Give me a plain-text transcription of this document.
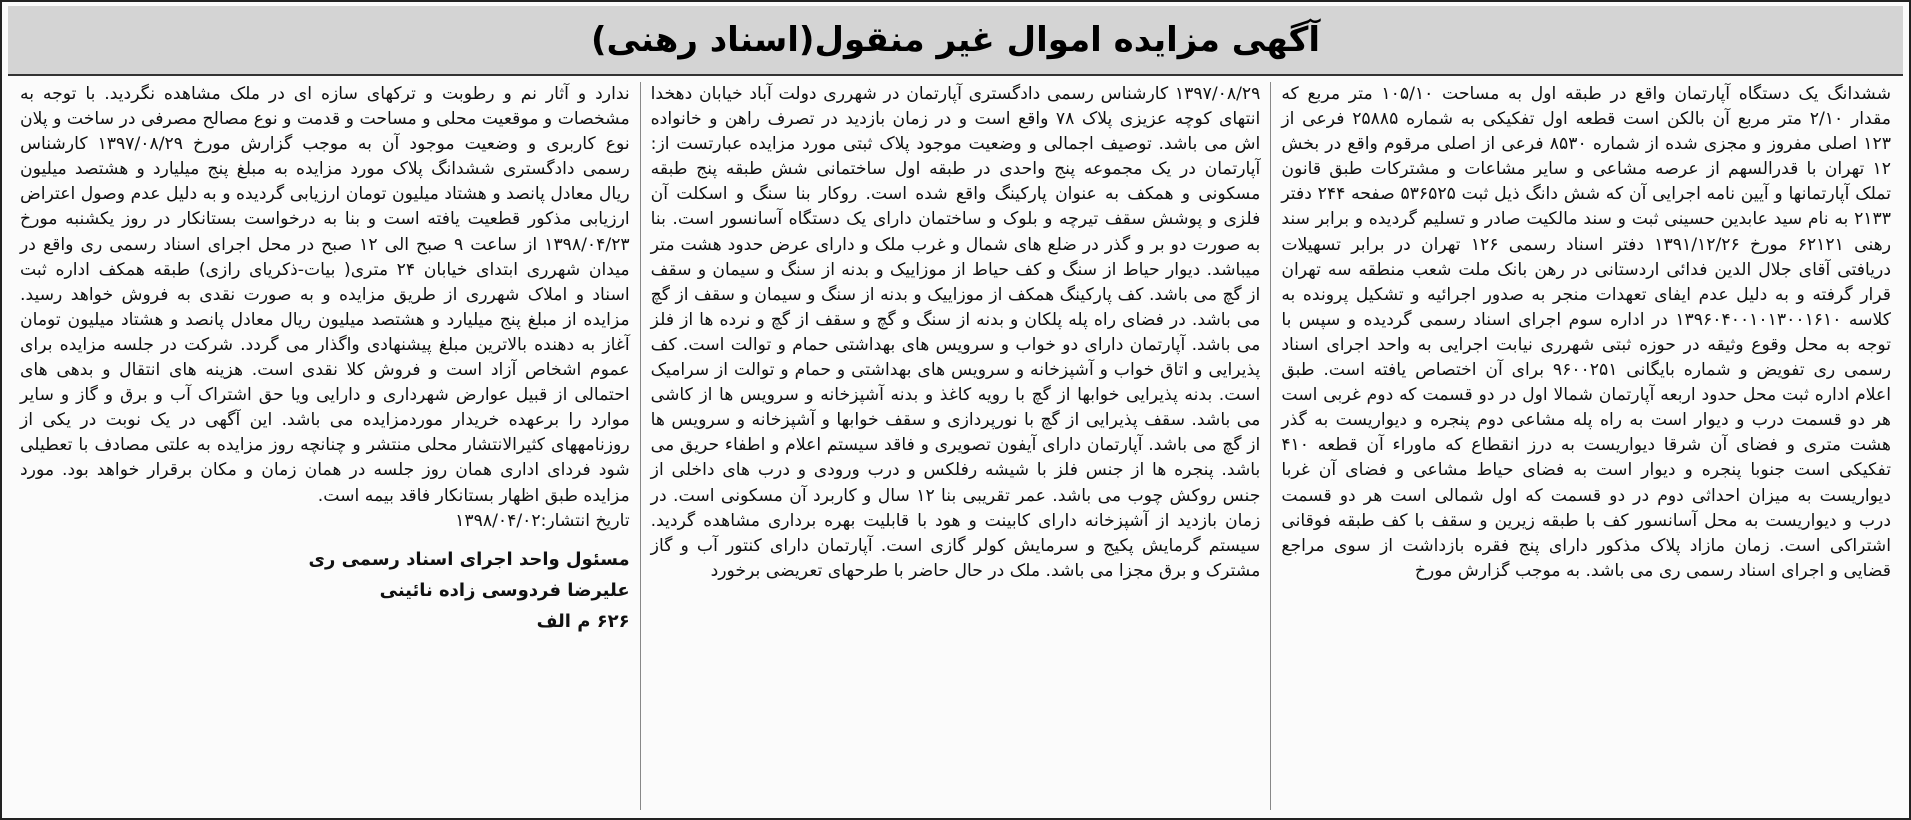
آگهی مزایده اموال غیر منقول(اسناد رهنی)

ششدانگ یک دستگاه آپارتمان واقع در طبقه اول به مساحت ۱۰۵/۱۰ متر مربع که مقدار ۲/۱۰ متر مربع آن بالکن است قطعه اول تفکیکی به شماره ۲۵۸۸۵ فرعی از ۱۲۳ اصلی مفروز و مجزی شده از شماره ۸۵۳۰ فرعی از اصلی مرقوم واقع در بخش ۱۲ تهران با قدرالسهم از عرصه مشاعی و سایر مشاعات و مشترکات طبق قانون تملک آپارتمانها و آیین نامه اجرایی آن که شش دانگ ذیل ثبت ۵۳۶۵۲۵ صفحه ۲۴۴ دفتر ۲۱۳۳ به نام سید عابدین حسینی ثبت و سند مالکیت صادر و تسلیم گردیده و برابر سند رهنی ۶۲۱۲۱ مورخ ۱۳۹۱/۱۲/۲۶ دفتر اسناد رسمی ۱۲۶ تهران در برابر تسهیلات دریافتی آقای جلال الدین فدائی اردستانی در رهن بانک ملت شعب منطقه سه تهران قرار گرفته و به دلیل عدم ایفای تعهدات منجر به صدور اجرائیه و تشکیل پرونده به کلاسه ۱۳۹۶۰۴۰۰۱۰۱۳۰۰۱۶۱۰ در اداره سوم اجرای اسناد رسمی گردیده و سپس با توجه به محل وقوع وثیقه در حوزه ثبتی شهرری نیابت اجرایی به واحد اجرای اسناد رسمی ری تفویض و شماره بایگانی ۹۶۰۰۲۵۱ برای آن اختصاص یافته است. طبق اعلام اداره ثبت محل حدود اربعه آپارتمان شمالا اول در دو قسمت که دوم غربی است هر دو قسمت درب و دیوار است به راه پله مشاعی دوم پنجره و دیواریست به گذر هشت متری و فضای آن شرقا دیواریست به درز انقطاع که ماوراء آن قطعه ۴۱۰ تفکیکی است جنوبا پنجره و دیوار است به فضای حیاط مشاعی و فضای آن غربا دیواریست به میزان احداثی دوم در دو قسمت که اول شمالی است هر دو قسمت درب و دیواریست به محل آسانسور کف با طبقه زیرین و سقف با کف طبقه فوقانی اشتراکی است. زمان مازاد پلاک مذکور دارای پنج فقره بازداشت از سوی مراجع قضایی و اجرای اسناد رسمی ری می باشد. به موجب گزارش مورخ

۱۳۹۷/۰۸/۲۹ کارشناس رسمی دادگستری آپارتمان در شهرری دولت آباد خیابان دهخدا انتهای کوچه عزیزی پلاک ۷۸ واقع است و در زمان بازدید در تصرف راهن و خانواده اش می باشد. توصیف اجمالی و وضعیت موجود پلاک ثبتی مورد مزایده عبارتست از: آپارتمان در یک مجموعه پنج واحدی در طبقه اول ساختمانی شش طبقه پنج طبقه مسکونی و همکف به عنوان پارکینگ واقع شده است. روکار بنا سنگ و اسکلت آن فلزی و پوشش سقف تیرچه و بلوک و ساختمان دارای یک دستگاه آسانسور است. بنا به صورت دو بر و گذر در ضلع های شمال و غرب ملک و دارای عرض حدود هشت متر میباشد. دیوار حیاط از سنگ و کف حیاط از موزاییک و بدنه از سنگ و سیمان و سقف از گچ می باشد. کف پارکینگ همکف از موزاییک و بدنه از سنگ و سیمان و سقف از گچ می باشد. در فضای راه پله پلکان و بدنه از سنگ و گچ و سقف از گچ و نرده ها از فلز می باشد. آپارتمان دارای دو خواب و سرویس های بهداشتی حمام و توالت است. کف پذیرایی و اتاق خواب و آشپزخانه و سرویس های بهداشتی و حمام و توالت از سرامیک است. بدنه پذیرایی خوابها از گچ با رویه کاغذ و بدنه آشپزخانه و سرویس ها از کاشی می باشد. سقف پذیرایی از گچ با نورپردازی و سقف خوابها و آشپزخانه و سرویس ها از گچ می باشد. آپارتمان دارای آیفون تصویری و فاقد سیستم اعلام و اطفاء حریق می باشد. پنجره ها از جنس فلز با شیشه رفلکس و درب ورودی و درب های داخلی از جنس روکش چوب می باشد. عمر تقریبی بنا ۱۲ سال و کاربرد آن مسکونی است. در زمان بازدید از آشپزخانه دارای کابینت و هود با قابلیت بهره برداری مشاهده گردید. سیستم گرمایش پکیج و سرمایش کولر گازی است. آپارتمان دارای کنتور آب و گاز مشترک و برق مجزا می باشد. ملک در حال حاضر با طرحهای تعریضی برخورد

ندارد و آثار نم و رطوبت و ترکهای سازه ای در ملک مشاهده نگردید. با توجه به مشخصات و موقعیت محلی و مساحت و قدمت و نوع مصالح مصرفی در ساخت و پلان نوع کاربری و وضعیت موجود آن به موجب گزارش مورخ ۱۳۹۷/۰۸/۲۹ کارشناس رسمی دادگستری ششدانگ پلاک مورد مزایده به مبلغ پنج میلیارد و هشتصد میلیون ریال معادل پانصد و هشتاد میلیون تومان ارزیابی گردیده و به دلیل عدم وصول اعتراض ارزیابی مذکور قطعیت یافته است و بنا به درخواست بستانکار در روز یکشنبه مورخ ۱۳۹۸/۰۴/۲۳ از ساعت ۹ صبح الی ۱۲ صبح در محل اجرای اسناد رسمی ری واقع در میدان شهرری ابتدای خیابان ۲۴ متری( بیات-ذکریای رازی) طبقه همکف اداره ثبت اسناد و املاک شهرری از طریق مزایده و به صورت نقدی به فروش خواهد رسید. مزایده از مبلغ پنج میلیارد و هشتصد میلیون ریال معادل پانصد و هشتاد میلیون تومان آغاز به دهنده بالاترین مبلغ پیشنهادی واگذار می گردد. شرکت در جلسه مزایده برای عموم اشخاص آزاد است و فروش کلا نقدی است. هزینه های انتقال و بدهی های احتمالی از قبیل عوارض شهرداری و دارایی ویا حق اشتراک آب و برق و گاز و سایر موارد را برعهده خریدار موردمزایده می باشد. این آگهی در یک نوبت در یکی از روزنامههای کثیرالانتشار محلی منتشر و چنانچه روز مزایده به علتی مصادف با تعطیلی شود فردای اداری همان روز جلسه در همان زمان و مکان برقرار خواهد بود. مورد مزایده طبق اظهار بستانکار فاقد بیمه است.

تاریخ انتشار:۱۳۹۸/۰۴/۰۲

مسئول واحد اجرای اسناد رسمی ری
علیرضا فردوسی زاده نائینی
۶۲۶ م الف
